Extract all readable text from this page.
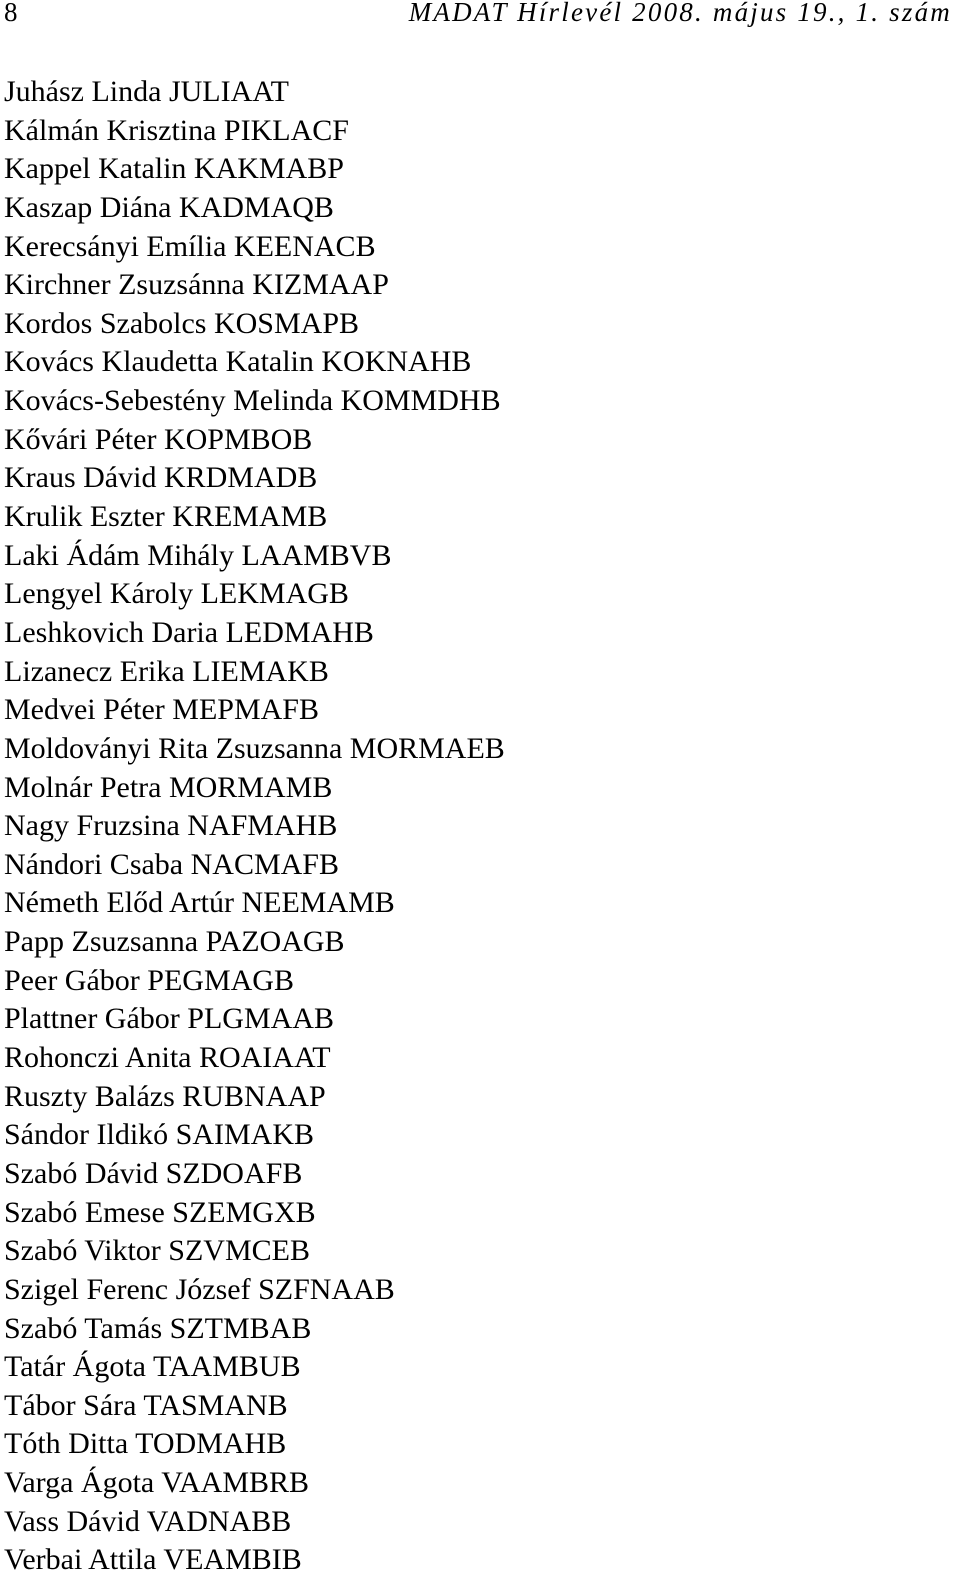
8	MADAT Hírlevél 2008. május 19., 1. szám
Juhász Linda JULIAAT
Kálmán Krisztina PIKLACF
Kappel Katalin KAKMABP
Kaszap Diána KADMAQB
Kerecsányi Emília KEENACB
Kirchner Zsuzsánna KIZMAAP
Kordos Szabolcs KOSMAPB
Kovács Klaudetta Katalin KOKNAHB
Kovács-Sebestény Melinda KOMMDHB
Kővári Péter KOPMBOB
Kraus Dávid KRDMADB
Krulik Eszter KREMAMB
Laki Ádám Mihály LAAMBVB
Lengyel Károly LEKMAGB
Leshkovich Daria LEDMAHB
Lizanecz Erika LIEMAKB
Medvei Péter MEPMAFB
Moldoványi Rita Zsuzsanna MORMAEB
Molnár Petra MORMAMB
Nagy Fruzsina NAFMAHB
Nándori Csaba NACMAFB
Németh Előd Artúr NEEMAMB
Papp Zsuzsanna PAZOAGB
Peer Gábor PEGMAGB
Plattner Gábor PLGMAAB
Rohonczi Anita ROAIAAT
Ruszty Balázs RUBNAAP
Sándor Ildikó SAIMAKB
Szabó Dávid SZDOAFB
Szabó Emese SZEMGXB
Szabó Viktor SZVMCEB
Szigel Ferenc József SZFNAAB
Szabó Tamás SZTMBAB
Tatár Ágota TAAMBUB
Tábor Sára TASMANB
Tóth Ditta TODMAHB
Varga Ágota VAAMBRB
Vass Dávid VADNABB
Verbai Attila VEAMBIB
